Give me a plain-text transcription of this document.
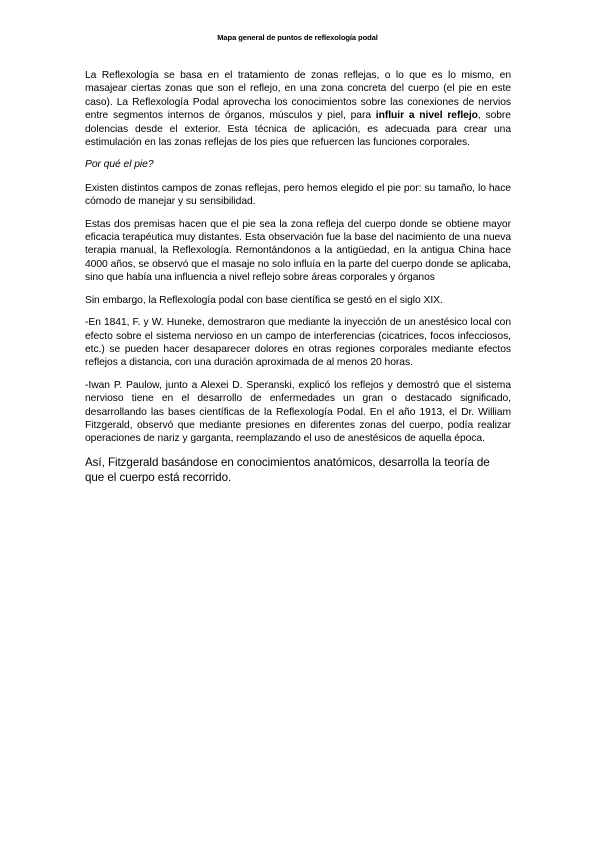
Mapa general de puntos de reflexología podal

La Reflexología se basa en el tratamiento de zonas reflejas, o lo que es lo mismo, en masajear ciertas zonas que son el reflejo, en una zona concreta del cuerpo (el pie en este caso). La Reflexología Podal aprovecha los conocimientos sobre las conexiones de nervios entre segmentos internos de órganos, músculos y piel, para influir a nivel reflejo, sobre dolencias desde el exterior. Esta técnica de aplicación, es adecuada para crear una estimulación en las zonas reflejas de los pies que refuercen las funciones corporales.

Por qué el pie?

Existen distintos campos de zonas reflejas, pero hemos elegido el pie por: su tamaño, lo hace cómodo de manejar y su sensibilidad.

Estas dos premisas hacen que el pie sea la zona refleja del cuerpo donde se obtiene mayor eficacia terapéutica muy distantes. Esta observación fue la base del nacimiento de una nueva terapia manual, la Reflexología. Remontándonos a la antigüedad, en la antigua China hace 4000 años, se observó que el masaje no solo influía en la parte del cuerpo donde se aplicaba, sino que había una influencia a nivel reflejo sobre áreas corporales y órganos

Sin embargo, la Reflexología podal con base científica se gestó en el siglo XIX.

-En 1841, F. y W. Huneke, demostraron que mediante la inyección de un anestésico local con efecto sobre el sistema nervioso en un campo de interferencias (cicatrices, focos infecciosos, etc.) se pueden hacer desaparecer dolores en otras regiones corporales mediante efectos reflejos a distancia, con una duración aproximada de al menos 20 horas.

-Iwan P. Paulow, junto a Alexei D. Speranski, explicó los reflejos y demostró que el sistema nervioso tiene en el desarrollo de enfermedades un gran o destacado significado, desarrollando las bases científicas de la Reflexología Podal. En el año 1913, el Dr. William Fitzgerald, observó que mediante presiones en diferentes zonas del cuerpo, podía realizar operaciones de nariz y garganta, reemplazando el uso de anestésicos de aquella época.

Así, Fitzgerald basándose en conocimientos anatómicos, desarrolla la teoría de que el cuerpo está recorrido.
